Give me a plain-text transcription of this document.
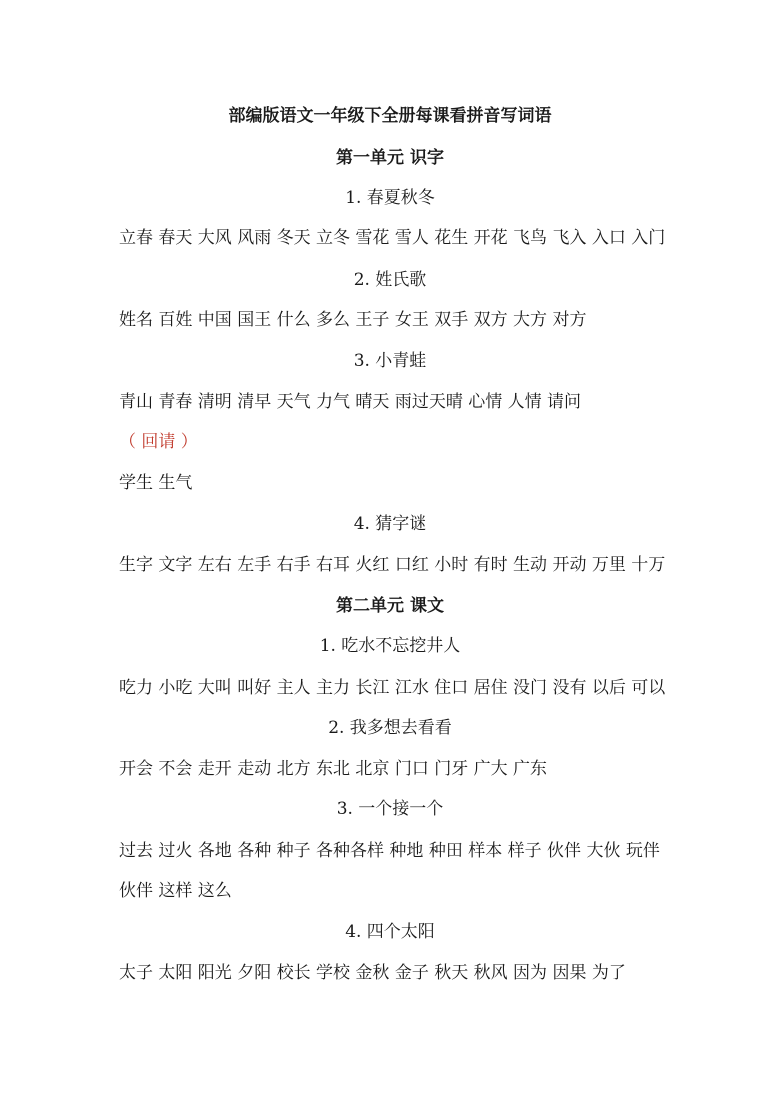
部编版语文一年级下全册每课看拼音写词语
第一单元 识字
1. 春夏秋冬
立春 春天 大风 风雨 冬天 立冬 雪花 雪人 花生 开花 飞鸟 飞入 入口 入门
2. 姓氏歌
姓名 百姓 中国 国王 什么 多么 王子 女王 双手 双方 大方 对方
3. 小青蛙
青山 青春 清明 清早 天气 力气 晴天 雨过天晴 心情 人情 请问
（ 回请 ）
学生 生气
4. 猜字谜
生字 文字 左右 左手 右手 右耳 火红 口红 小时 有时 生动 开动 万里 十万
第二单元 课文
1. 吃水不忘挖井人
吃力 小吃 大叫 叫好 主人 主力 长江 江水 住口 居住 没门 没有 以后 可以
2. 我多想去看看
开会 不会 走开 走动 北方 东北 北京 门口 门牙 广大 广东
3. 一个接一个
过去 过火 各地 各种 种子 各种各样 种地 种田 样本 样子 伙伴 大伙 玩伴
伙伴 这样 这么
4. 四个太阳
太子 太阳 阳光 夕阳 校长 学校 金秋 金子 秋天 秋风 因为 因果 为了
